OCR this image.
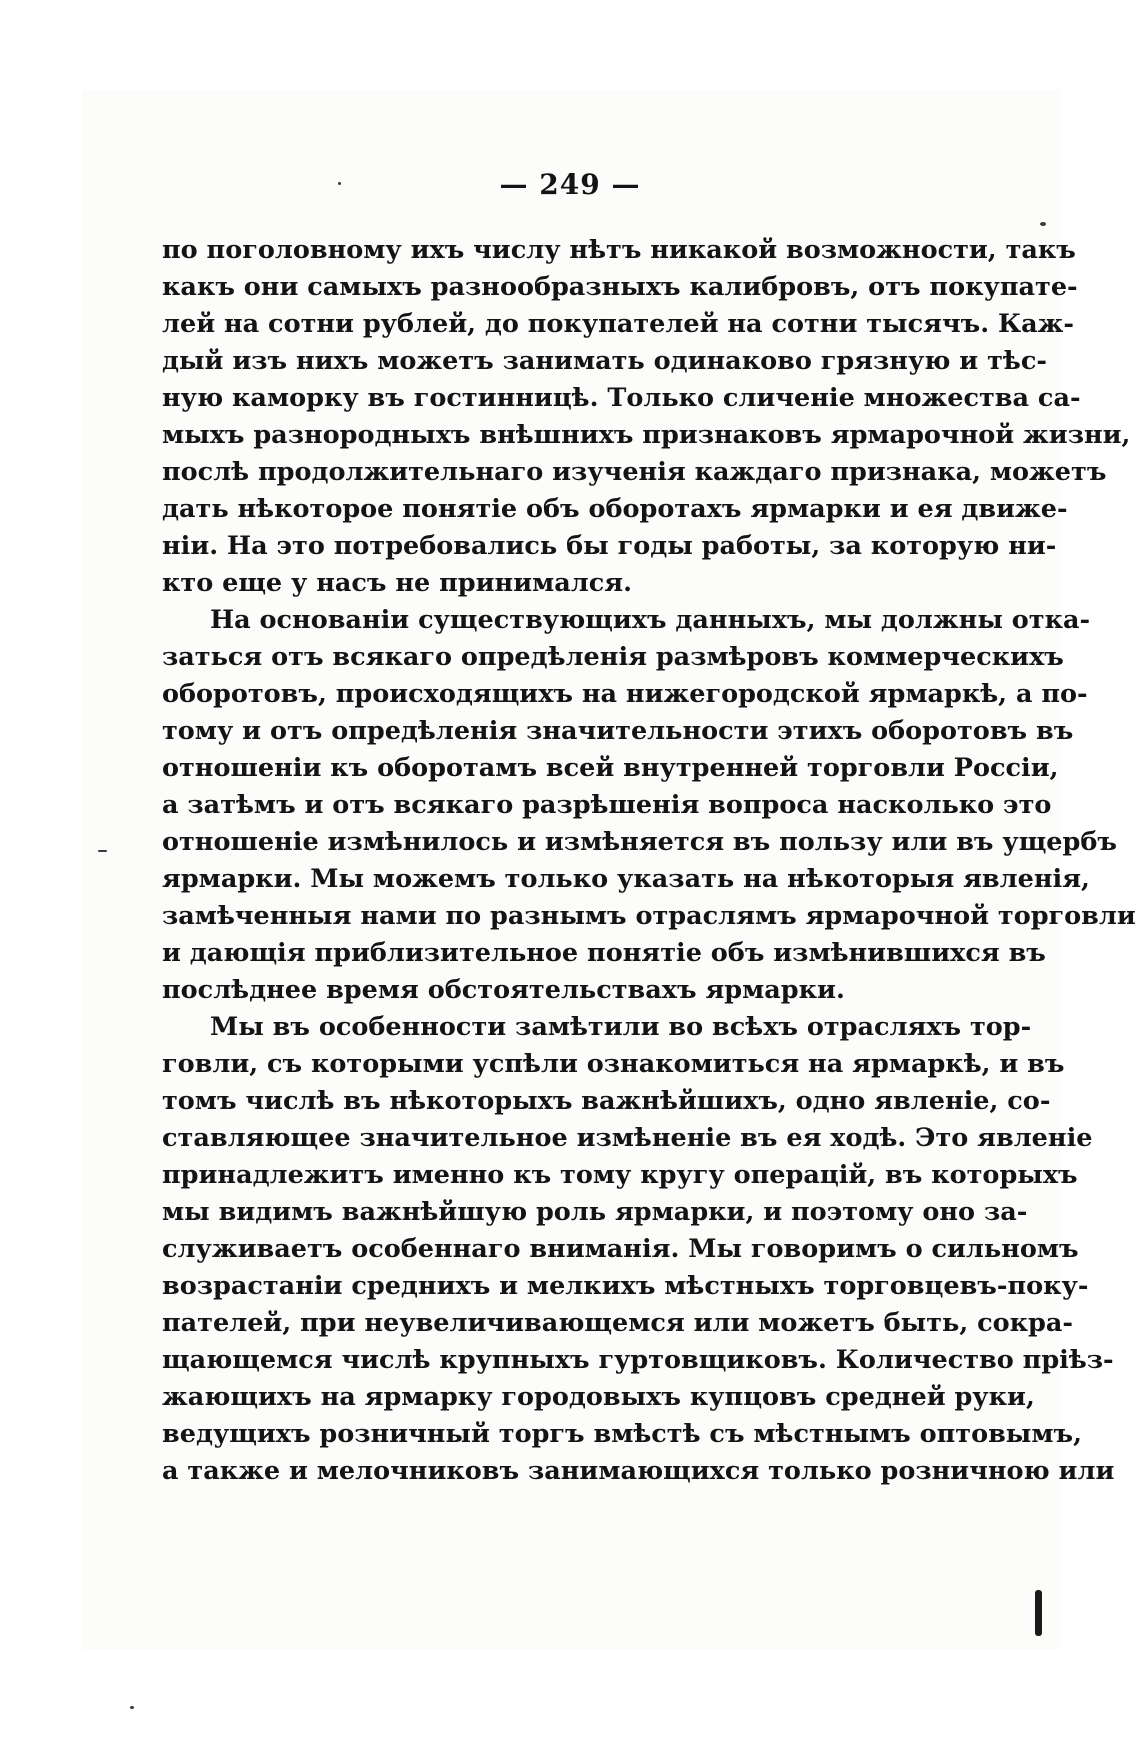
— 249 —
по поголовному ихъ числу нѣтъ никакой возможности, такъ
какъ они самыхъ разнообразныхъ калибровъ, отъ покупате-
лей на сотни рублей, до покупателей на сотни тысячъ. Каж-
дый изъ нихъ можетъ занимать одинаково грязную и тѣс-
ную каморку въ гостинницѣ. Только сличенiе множества са-
мыхъ разнородныхъ внѣшнихъ признаковъ ярмарочной жизни,
послѣ продолжительнаго изученiя каждаго признака, можетъ
дать нѣкоторое понятiе объ оборотахъ ярмарки и ея движе-
нiи. На это потребовались бы годы работы, за которую ни-
кто еще у насъ не принимался.
На основанiи существующихъ данныхъ, мы должны отка-
заться отъ всякаго опредѣленiя размѣровъ коммерческихъ
оборотовъ, происходящихъ на нижегородской ярмаркѣ, а по-
тому и отъ опредѣленiя значительности этихъ оборотовъ въ
отношенiи къ оборотамъ всей внутренней торговли Россiи,
а затѣмъ и отъ всякаго разрѣшенiя вопроса насколько это
отношенiе измѣнилось и измѣняется въ пользу или въ ущербъ
ярмарки. Мы можемъ только указать на нѣкоторыя явленiя,
замѣченныя нами по разнымъ отраслямъ ярмарочной торговли
и дающiя приблизительное понятiе объ измѣнившихся въ
послѣднее время обстоятельствахъ ярмарки.
Мы въ особенности замѣтили во всѣхъ отрасляхъ тор-
говли, съ которыми успѣли ознакомиться на ярмаркѣ, и въ
томъ числѣ въ нѣкоторыхъ важнѣйшихъ, одно явленiе, со-
ставляющее значительное измѣненiе въ ея ходѣ. Это явленiе
принадлежитъ именно къ тому кругу операцiй, въ которыхъ
мы видимъ важнѣйшую роль ярмарки, и поэтому оно за-
служиваетъ особеннаго вниманiя. Мы говоримъ о сильномъ
возрастанiи среднихъ и мелкихъ мѣстныхъ торговцевъ-поку-
пателей, при неувеличивающемся или можетъ быть, сокра-
щающемся числѣ крупныхъ гуртовщиковъ. Количество прiѣз-
жающихъ на ярмарку городовыхъ купцовъ средней руки,
ведущихъ розничный торгъ вмѣстѣ съ мѣстнымъ оптовымъ,
а также и мелочниковъ занимающихся только розничною или
